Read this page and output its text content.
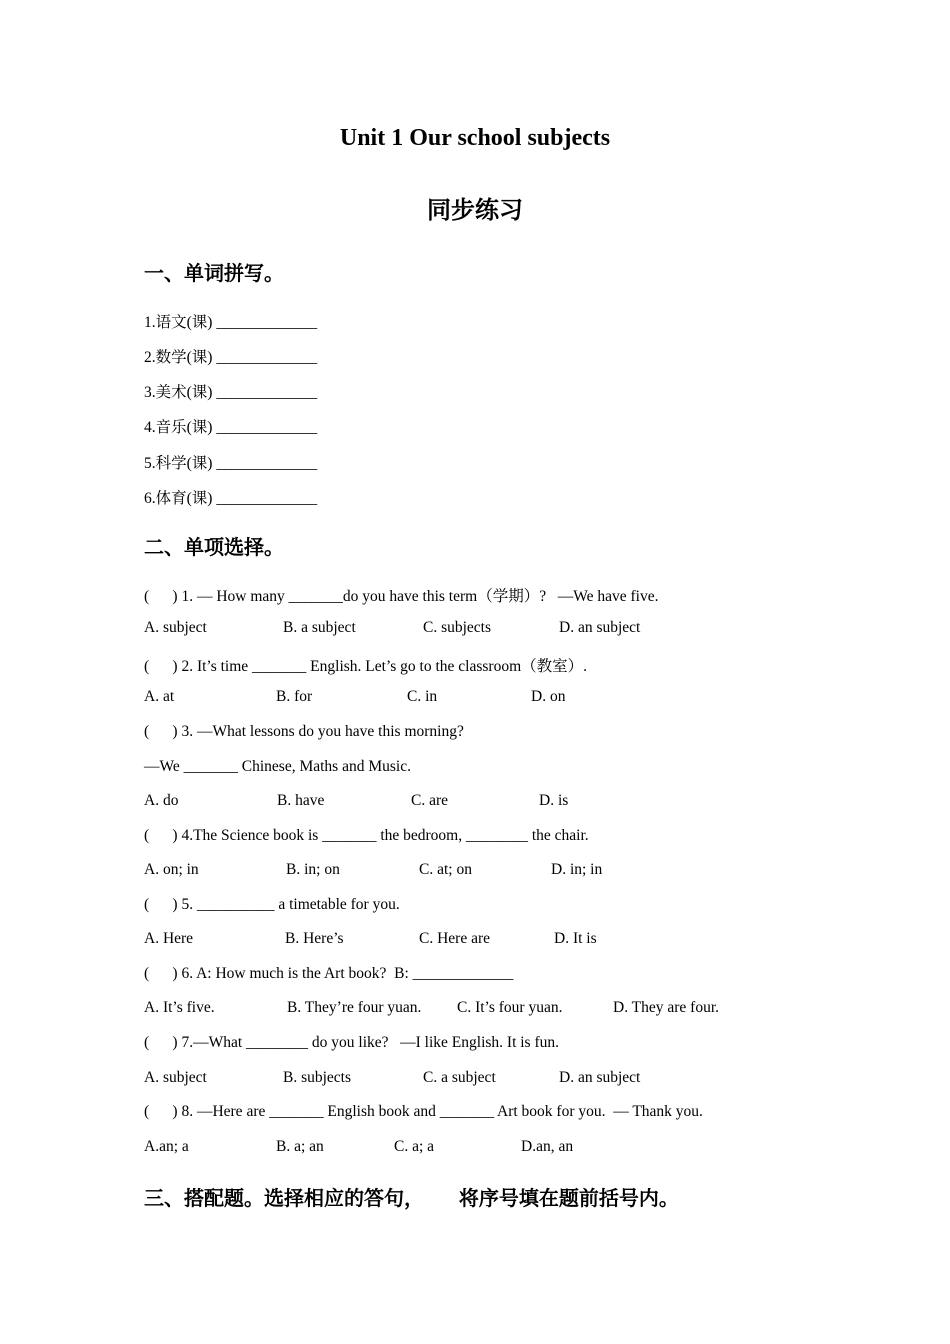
Unit 1 Our school subjects
同步练习
一、单词拼写。
1.语文(课) _____________
2.数学(课) _____________
3.美术(课) _____________
4.音乐(课) _____________
5.科学(课) _____________
6.体育(课) _____________
二、单项选择。
(      ) 1. — How many _______do you have this term（学期）?   —We have five.
A. subject	B. a subject	C. subjects	D. an subject
(      ) 2. It’s time _______ English. Let’s go to the classroom（教室）.
A. at	B. for	C. in	D. on
(      ) 3. —What lessons do you have this morning?
—We _______ Chinese, Maths and Music.
A. do	B. have	C. are	D. is
(      ) 4.The Science book is _______ the bedroom, ________ the chair.
A. on; in	B. in; on	C. at; on	D. in; in
(      ) 5. __________ a timetable for you.
A. Here	B. Here’s	C. Here are	D. It is
(      ) 6. A: How much is the Art book?  B: _____________
A. It’s five.	B. They’re four yuan. C. It’s four yuan.	D. They are four.
(      ) 7.—What ________ do you like?   —I like English. It is fun.
A. subject	B. subjects	C. a subject	D. an subject
(      ) 8. —Here are _______ English book and _______ Art book for you.  — Thank you.
A.an; a	B. a; an	C. a; a	D.an, an
三、搭配题。选择相应的答句，     将序号填在题前括号内。
